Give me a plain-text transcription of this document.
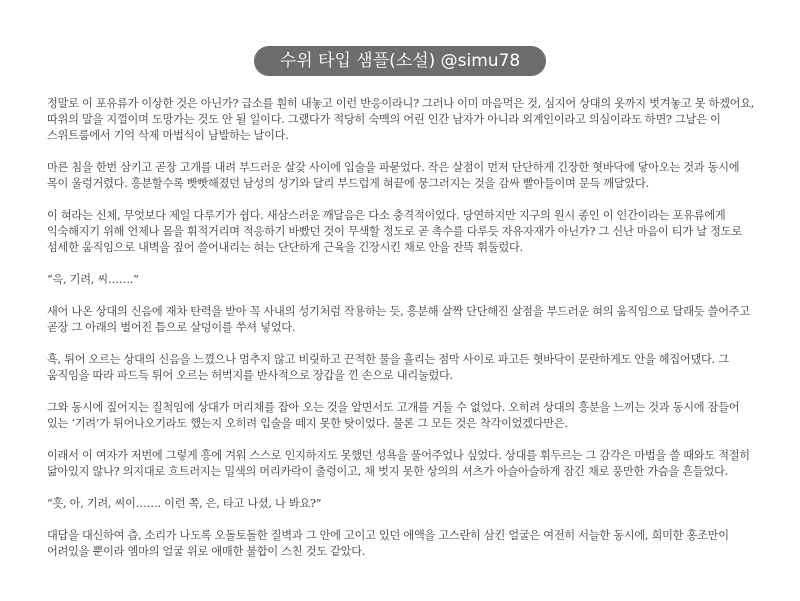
수위 타입 샘플(소설) @simu78

정말로 이 포유류가 이상한 것은 아닌가? 급소를 훤히 내놓고 이런 반응이라니? 그러나 이미 마음먹은 것, 심지어 상대의 옷까지 벗겨놓고 못 하겠어요, 따위의 말을 지껄이며 도망가는 것도 안 될 일이다. 그랬다가 적당히 숙맥의 어린 인간 남자가 아니라 외계인이라고 의심이라도 하면? 그날은 이 스위트룸에서 기억 삭제 마법식이 남발하는 날이다.

마른 침을 한번 삼키고 곧장 고개를 내려 부드러운 살갗 사이에 입술을 파묻었다. 작은 살점이 먼저 단단하게 긴장한 혓바닥에 닿아오는 것과 동시에 목이 울렁거렸다. 흥분할수록 빳빳해졌던 남성의 성기와 달리 부드럽게 혀끝에 뭉그러지는 것을 감싸 빨아들이며 문득 깨달았다.

이 혀라는 신체, 무엇보다 제일 다루기가 쉽다. 새삼스러운 깨달음은 다소 충격적이었다. 당연하지만 지구의 원시 종인 이 인간이라는 포유류에게 익숙해지기 위해 언제나 몸을 휘적거리며 적응하기 바빴던 것이 무색할 정도로 곧 촉수를 다루듯 자유자재가 아닌가? 그 신난 마음이 티가 날 정도로 섬세한 움직임으로 내벽을 짚어 쓸어내리는 혀는 단단하게 근육을 긴장시킨 채로 안을 잔뜩 휘둘렀다.

“윽, 기려, 씨…….”

새어 나온 상대의 신음에 재차 탄력을 받아 꼭 사내의 성기처럼 작용하는 듯, 흥분해 살짝 단단해진 살점을 부드러운 혀의 움직임으로 달래듯 쓸어주고 곧장 그 아래의 벌어진 틈으로 살덩이를 쑤셔 넣었다.

흑, 튀어 오르는 상대의 신음을 느꼈으나 멈추지 않고 비릿하고 끈적한 물을 흘리는 점막 사이로 파고든 혓바닥이 문란하게도 안을 헤집어댔다. 그 움직임을 따라 파드득 튀어 오르는 허벅지를 반사적으로 장갑을 낀 손으로 내리눌렀다.

그와 동시에 짚어지는 질척임에 상대가 머리채를 잡아 오는 것을 알면서도 고개를 거둘 수 없었다. 오히려 상대의 흥분을 느끼는 것과 동시에 잠들어 있는 ‘기려’가 튀어나오기라도 했는지 오히려 입술을 떼지 못한 탓이었다. 물론 그 모든 것은 착각이었겠다만은.

이래서 이 여자가 저번에 그렇게 흥에 겨워 스스로 인지하지도 못했던 성욕을 풀어주었나 싶었다. 상대를 휘두르는 그 감각은 마법을 쓸 때와도 적절히 닮아있지 않나? 의지대로 흐트러지는 밀색의 머리카락이 출렁이고, 채 벗지 못한 상의의 셔츠가 아슬아슬하게 잠긴 채로 풍만한 가슴을 흔들었다.

“흣, 아, 기려, 씨이……. 이런 쪽, 은, 타고 나셨, 나 봐요?”

대답을 대신하여 츱, 소리가 나도록 오돌토돌한 질벽과 그 안에 고이고 있던 애액을 고스란히 삼킨 얼굴은 여전히 서늘한 동시에, 희미한 홍조만이 어려있을 뿐이라 엠마의 얼굴 위로 애매한 불합이 스친 것도 같았다.
